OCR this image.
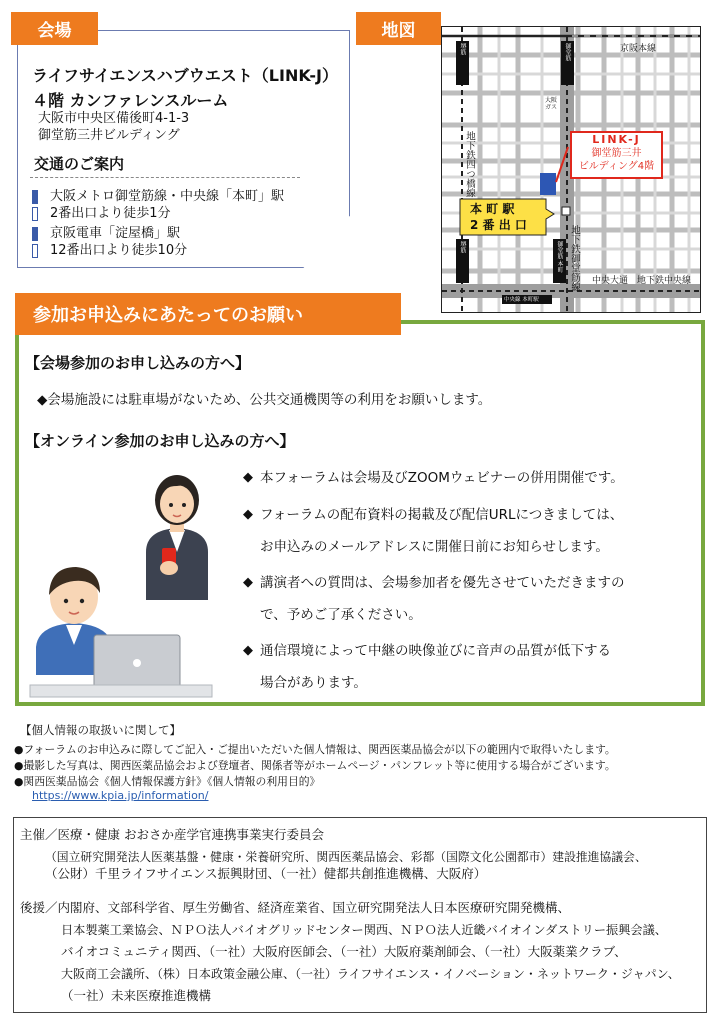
会場
ライフサイエンスハブウエスト（LINK-J）
４階 カンファレンスルーム
大阪市中央区備後町4-1-3
御堂筋三井ビルディング
交通のご案内
大阪メトロ御堂筋線・中央線「本町」駅
2番出口より徒歩1分
京阪電車「淀屋橋」駅
12番出口より徒歩10分
地図
京阪本線
堺筋	御堂筋
大阪ガス
地下鉄四つ橋線
地下鉄御堂筋線
堺筋	御堂筋 本町
中央線 本町駅
中央大通 地下鉄中央線
LINK-J
御堂筋三井
ビルディング4階
本 町 駅
2 番 出 口
参加お申込みにあたってのお願い
【会場参加のお申し込みの方へ】
◆会場施設には駐車場がないため、公共交通機関等の利用をお願いします。
【オンライン参加のお申し込みの方へ】
◆ 本フォーラムは会場及びZOOMウェビナーの併用開催です。
◆ フォーラムの配布資料の掲載及び配信URLにつきましては、
お申込みのメールアドレスに開催日前にお知らせします。
◆ 講演者への質問は、会場参加者を優先させていただきますの
で、予めご了承ください。
◆ 通信環境によって中継の映像並びに音声の品質が低下する
場合があります。
【個人情報の取扱いに関して】
●フォーラムのお申込みに際してご記入・ご提出いただいた個人情報は、関西医薬品協会が以下の範囲内で取得いたします。
●撮影した写真は、関西医薬品協会および登壇者、関係者等がホームページ・パンフレット等に使用する場合がございます。
●関西医薬品協会《個人情報保護方針》《個人情報の利用目的》
https://www.kpia.jp/information/
主催／医療・健康 おおさか産学官連携事業実行委員会
（国立研究開発法人医薬基盤・健康・栄養研究所、関西医薬品協会、彩都（国際文化公園都市）建設推進協議会、
（公財）千里ライフサイエンス振興財団、（一社）健都共創推進機構、大阪府）
後援／内閣府、文部科学省、厚生労働省、経済産業省、国立研究開発法人日本医療研究開発機構、
日本製薬工業協会、ＮＰＯ法人バイオグリッドセンター関西、ＮＰＯ法人近畿バイオインダストリー振興会議、
バイオコミュニティ関西、（一社）大阪府医師会、（一社）大阪府薬剤師会、（一社）大阪薬業クラブ、
大阪商工会議所、（株）日本政策金融公庫、（一社）ライフサイエンス・イノベーション・ネットワーク・ジャパン、
（一社）未来医療推進機構
